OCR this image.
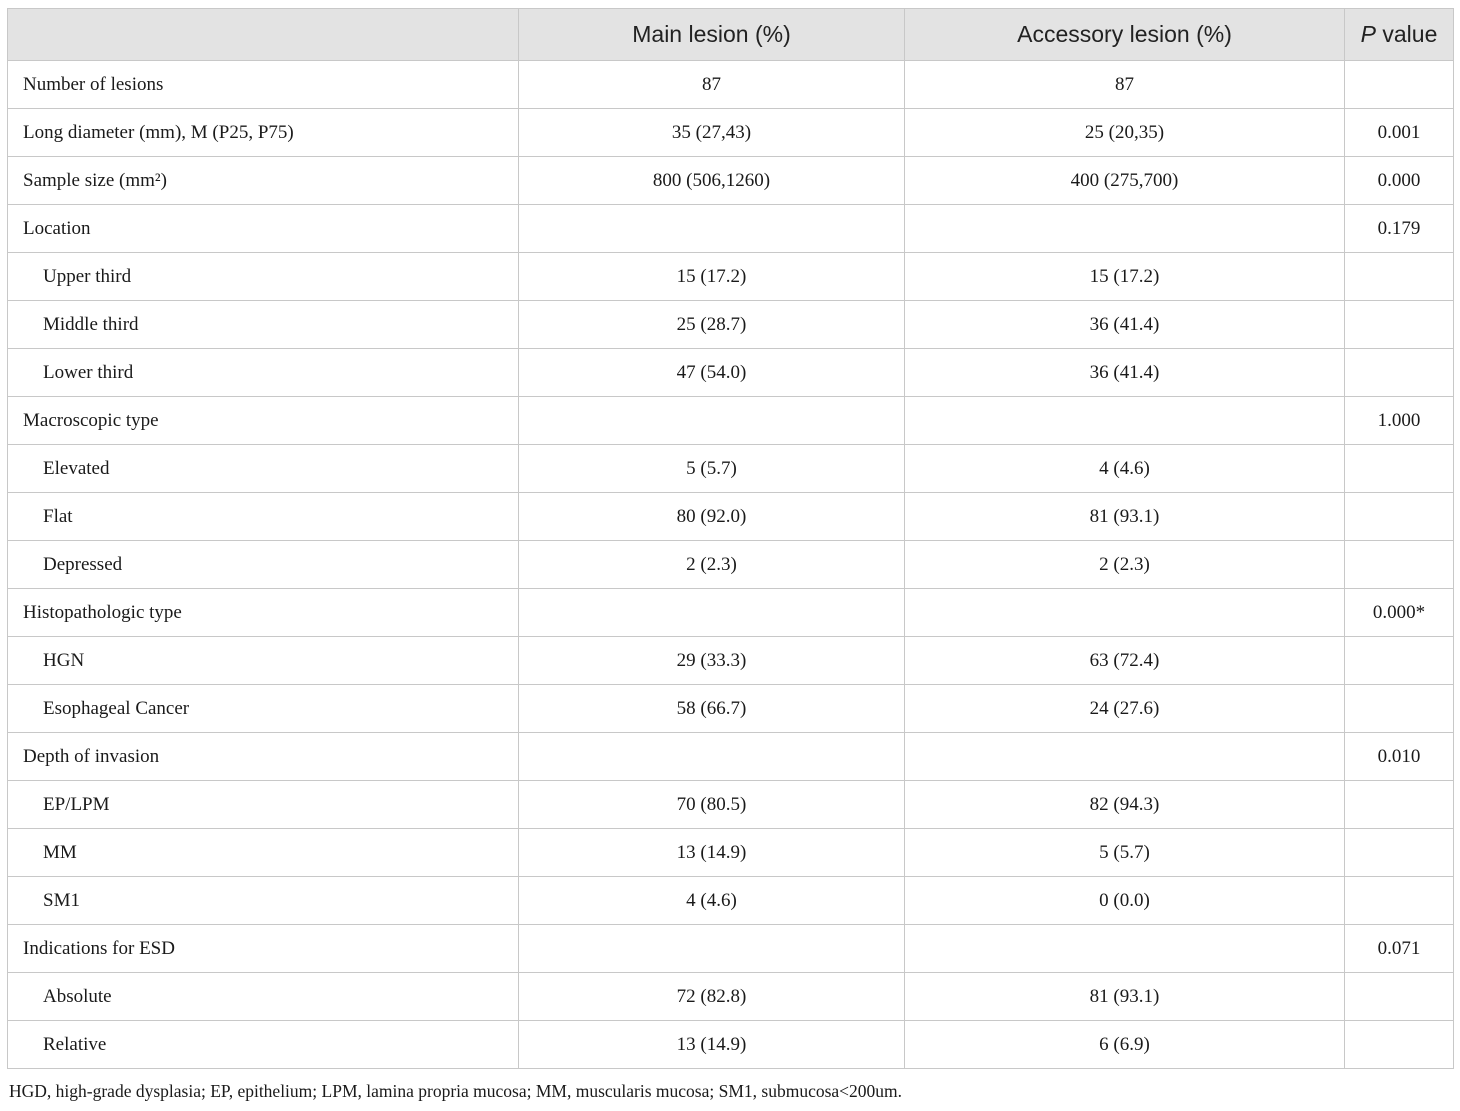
	Main lesion (%)	Accessory lesion (%)	P value
Number of lesions	87	87	
Long diameter (mm), M (P25, P75)	35 (27,43)	25 (20,35)	0.001
Sample size (mm²)	800 (506,1260)	400 (275,700)	0.000
Location			0.179
Upper third	15 (17.2)	15 (17.2)	
Middle third	25 (28.7)	36 (41.4)	
Lower third	47 (54.0)	36 (41.4)	
Macroscopic type			1.000
Elevated	5 (5.7)	4 (4.6)	
Flat	80 (92.0)	81 (93.1)	
Depressed	2 (2.3)	2 (2.3)	
Histopathologic type			0.000*
HGN	29 (33.3)	63 (72.4)	
Esophageal Cancer	58 (66.7)	24 (27.6)	
Depth of invasion			0.010
EP/LPM	70 (80.5)	82 (94.3)	
MM	13 (14.9)	5 (5.7)	
SM1	4 (4.6)	0 (0.0)	
Indications for ESD			0.071
Absolute	72 (82.8)	81 (93.1)	
Relative	13 (14.9)	6 (6.9)	
HGD, high-grade dysplasia; EP, epithelium; LPM, lamina propria mucosa; MM, muscularis mucosa; SM1, submucosa<200um.
